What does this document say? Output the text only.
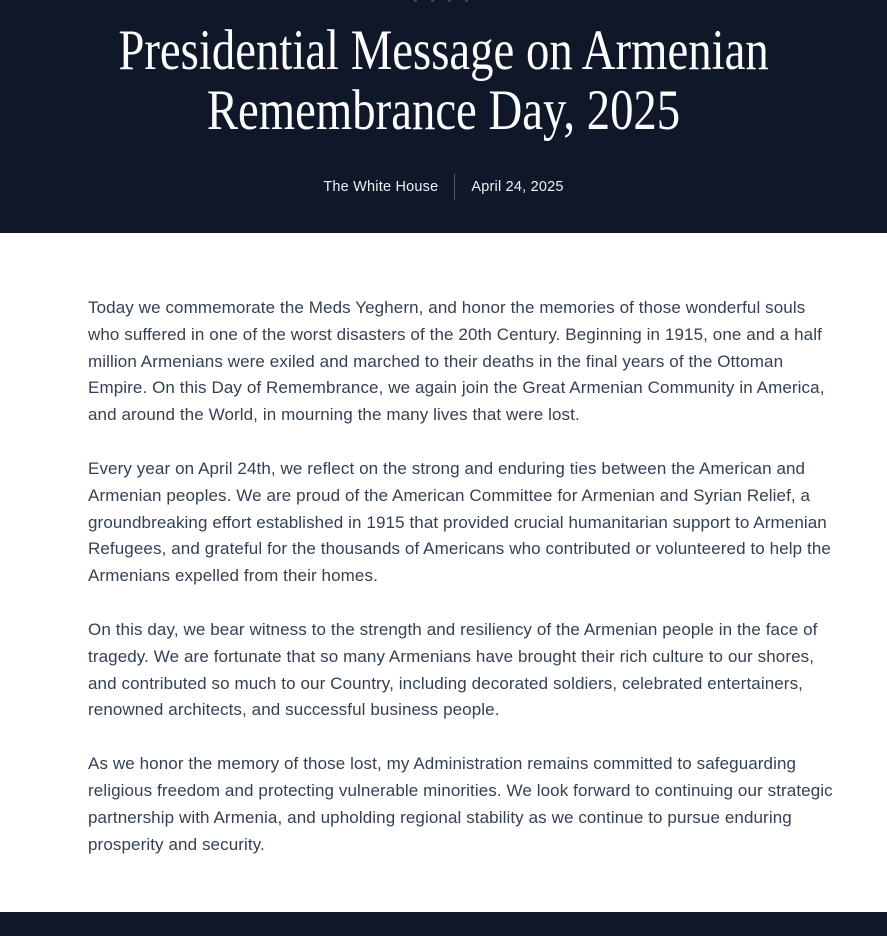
Presidential Message on Armenian
Remembrance Day, 2025
The White House April 24, 2025

Today we commemorate the Meds Yeghern, and honor the memories of those wonderful souls who suffered in one of the worst disasters of the 20th Century. Beginning in 1915, one and a half million Armenians were exiled and marched to their deaths in the final years of the Ottoman Empire. On this Day of Remembrance, we again join the Great Armenian Community in America, and around the World, in mourning the many lives that were lost.

Every year on April 24th, we reflect on the strong and enduring ties between the American and Armenian peoples. We are proud of the American Committee for Armenian and Syrian Relief, a groundbreaking effort established in 1915 that provided crucial humanitarian support to Armenian Refugees, and grateful for the thousands of Americans who contributed or volunteered to help the Armenians expelled from their homes.

On this day, we bear witness to the strength and resiliency of the Armenian people in the face of tragedy. We are fortunate that so many Armenians have brought their rich culture to our shores, and contributed so much to our Country, including decorated soldiers, celebrated entertainers, renowned architects, and successful business people.

As we honor the memory of those lost, my Administration remains committed to safeguarding religious freedom and protecting vulnerable minorities. We look forward to continuing our strategic partnership with Armenia, and upholding regional stability as we continue to pursue enduring prosperity and security.
